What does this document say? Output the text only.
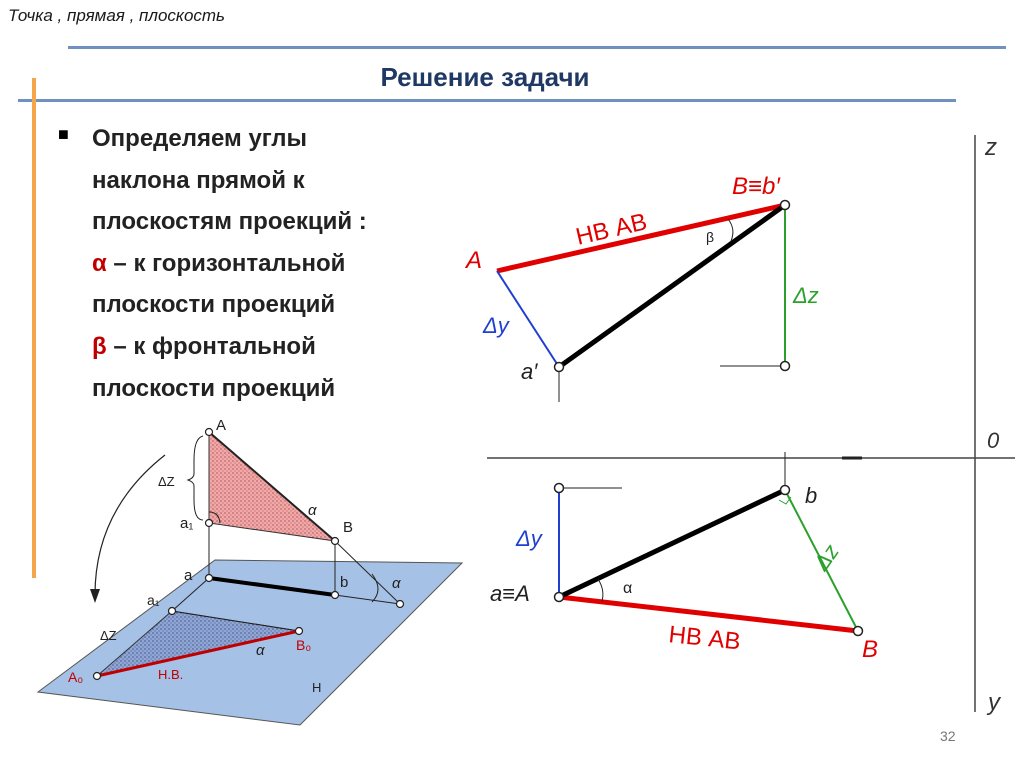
Точка , прямая , плоскость
Решение задачи
■ Определяем углы
наклона прямой к
плоскостям проекций :
α – к горизонтальной
плоскости проекций
β – к фронтальной
плоскости проекций
z
0
y
B≡b′
A
a′
НВ АВ	β
Δz
Δy
a≡A
b
B
НВ АВ
α
Δz
Δy
A
ΔZ
a₁
α
B
a	b	α
a₁
ΔZ
B₀
α
Н.В.
A₀
Н
32
